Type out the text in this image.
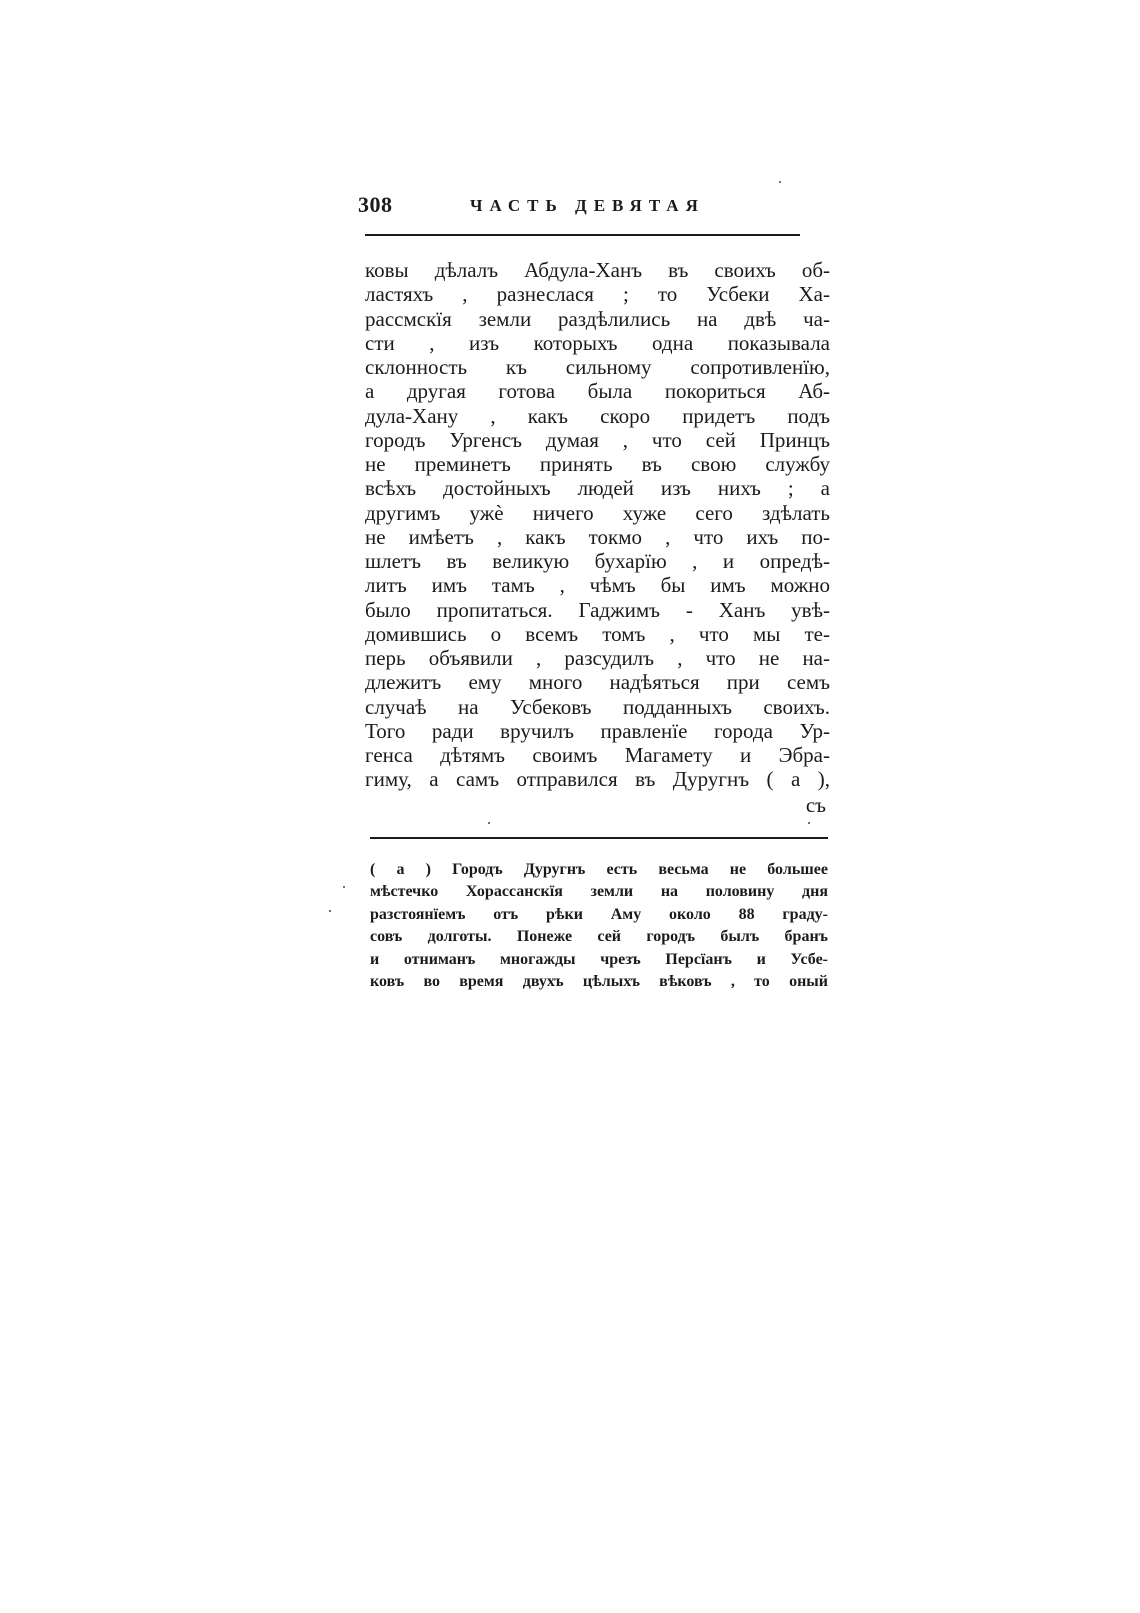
308	ЧАСТЬ ДЕВЯТАЯ
ковы дѣлалъ Абдула-Ханъ въ своихъ об-
ластяхъ , разнеслася ; то Усбеки Ха-
рассмскїя земли раздѣлились на двѣ ча-
сти , изъ которыхъ одна показывала
склонность къ сильному сопротивленїю,
а другая готова была покориться Аб-
дула-Хану , какъ скоро придетъ подъ
городъ Ургенсъ думая , что сей Принцъ
не преминетъ принять въ свою службу
всѣхъ достойныхъ людей изъ нихъ ; а
другимъ ужѐ ничего хуже сего здѣлать
не имѣетъ , какъ токмо , что ихъ по-
шлетъ въ великую бухарїю , и опредѣ-
литъ имъ тамъ , чѣмъ бы имъ можно
было пропитаться. Гаджимъ - Ханъ увѣ-
домившись о всемъ томъ , что мы те-
перь объявили , разсудилъ , что не на-
длежитъ ему много надѣяться при семъ
случаѣ на Усбековъ подданныхъ своихъ.
Того ради вручилъ правленїе города Ур-
генса дѣтямъ своимъ Магамету и Эбра-
гиму, а самъ отправился въ Дуругнъ ( а ),
съ
( а ) Городъ Дуругнъ есть весьма не большее
мѣстечко Хорассанскїя земли на половину дня
разстоянїемъ отъ рѣки Аму около 88 граду-
совъ долготы. Понеже сей городъ былъ бранъ
и отниманъ многажды чрезъ Персїанъ и Усбе-
ковъ во время двухъ цѣлыхъ вѣковъ , то оный
